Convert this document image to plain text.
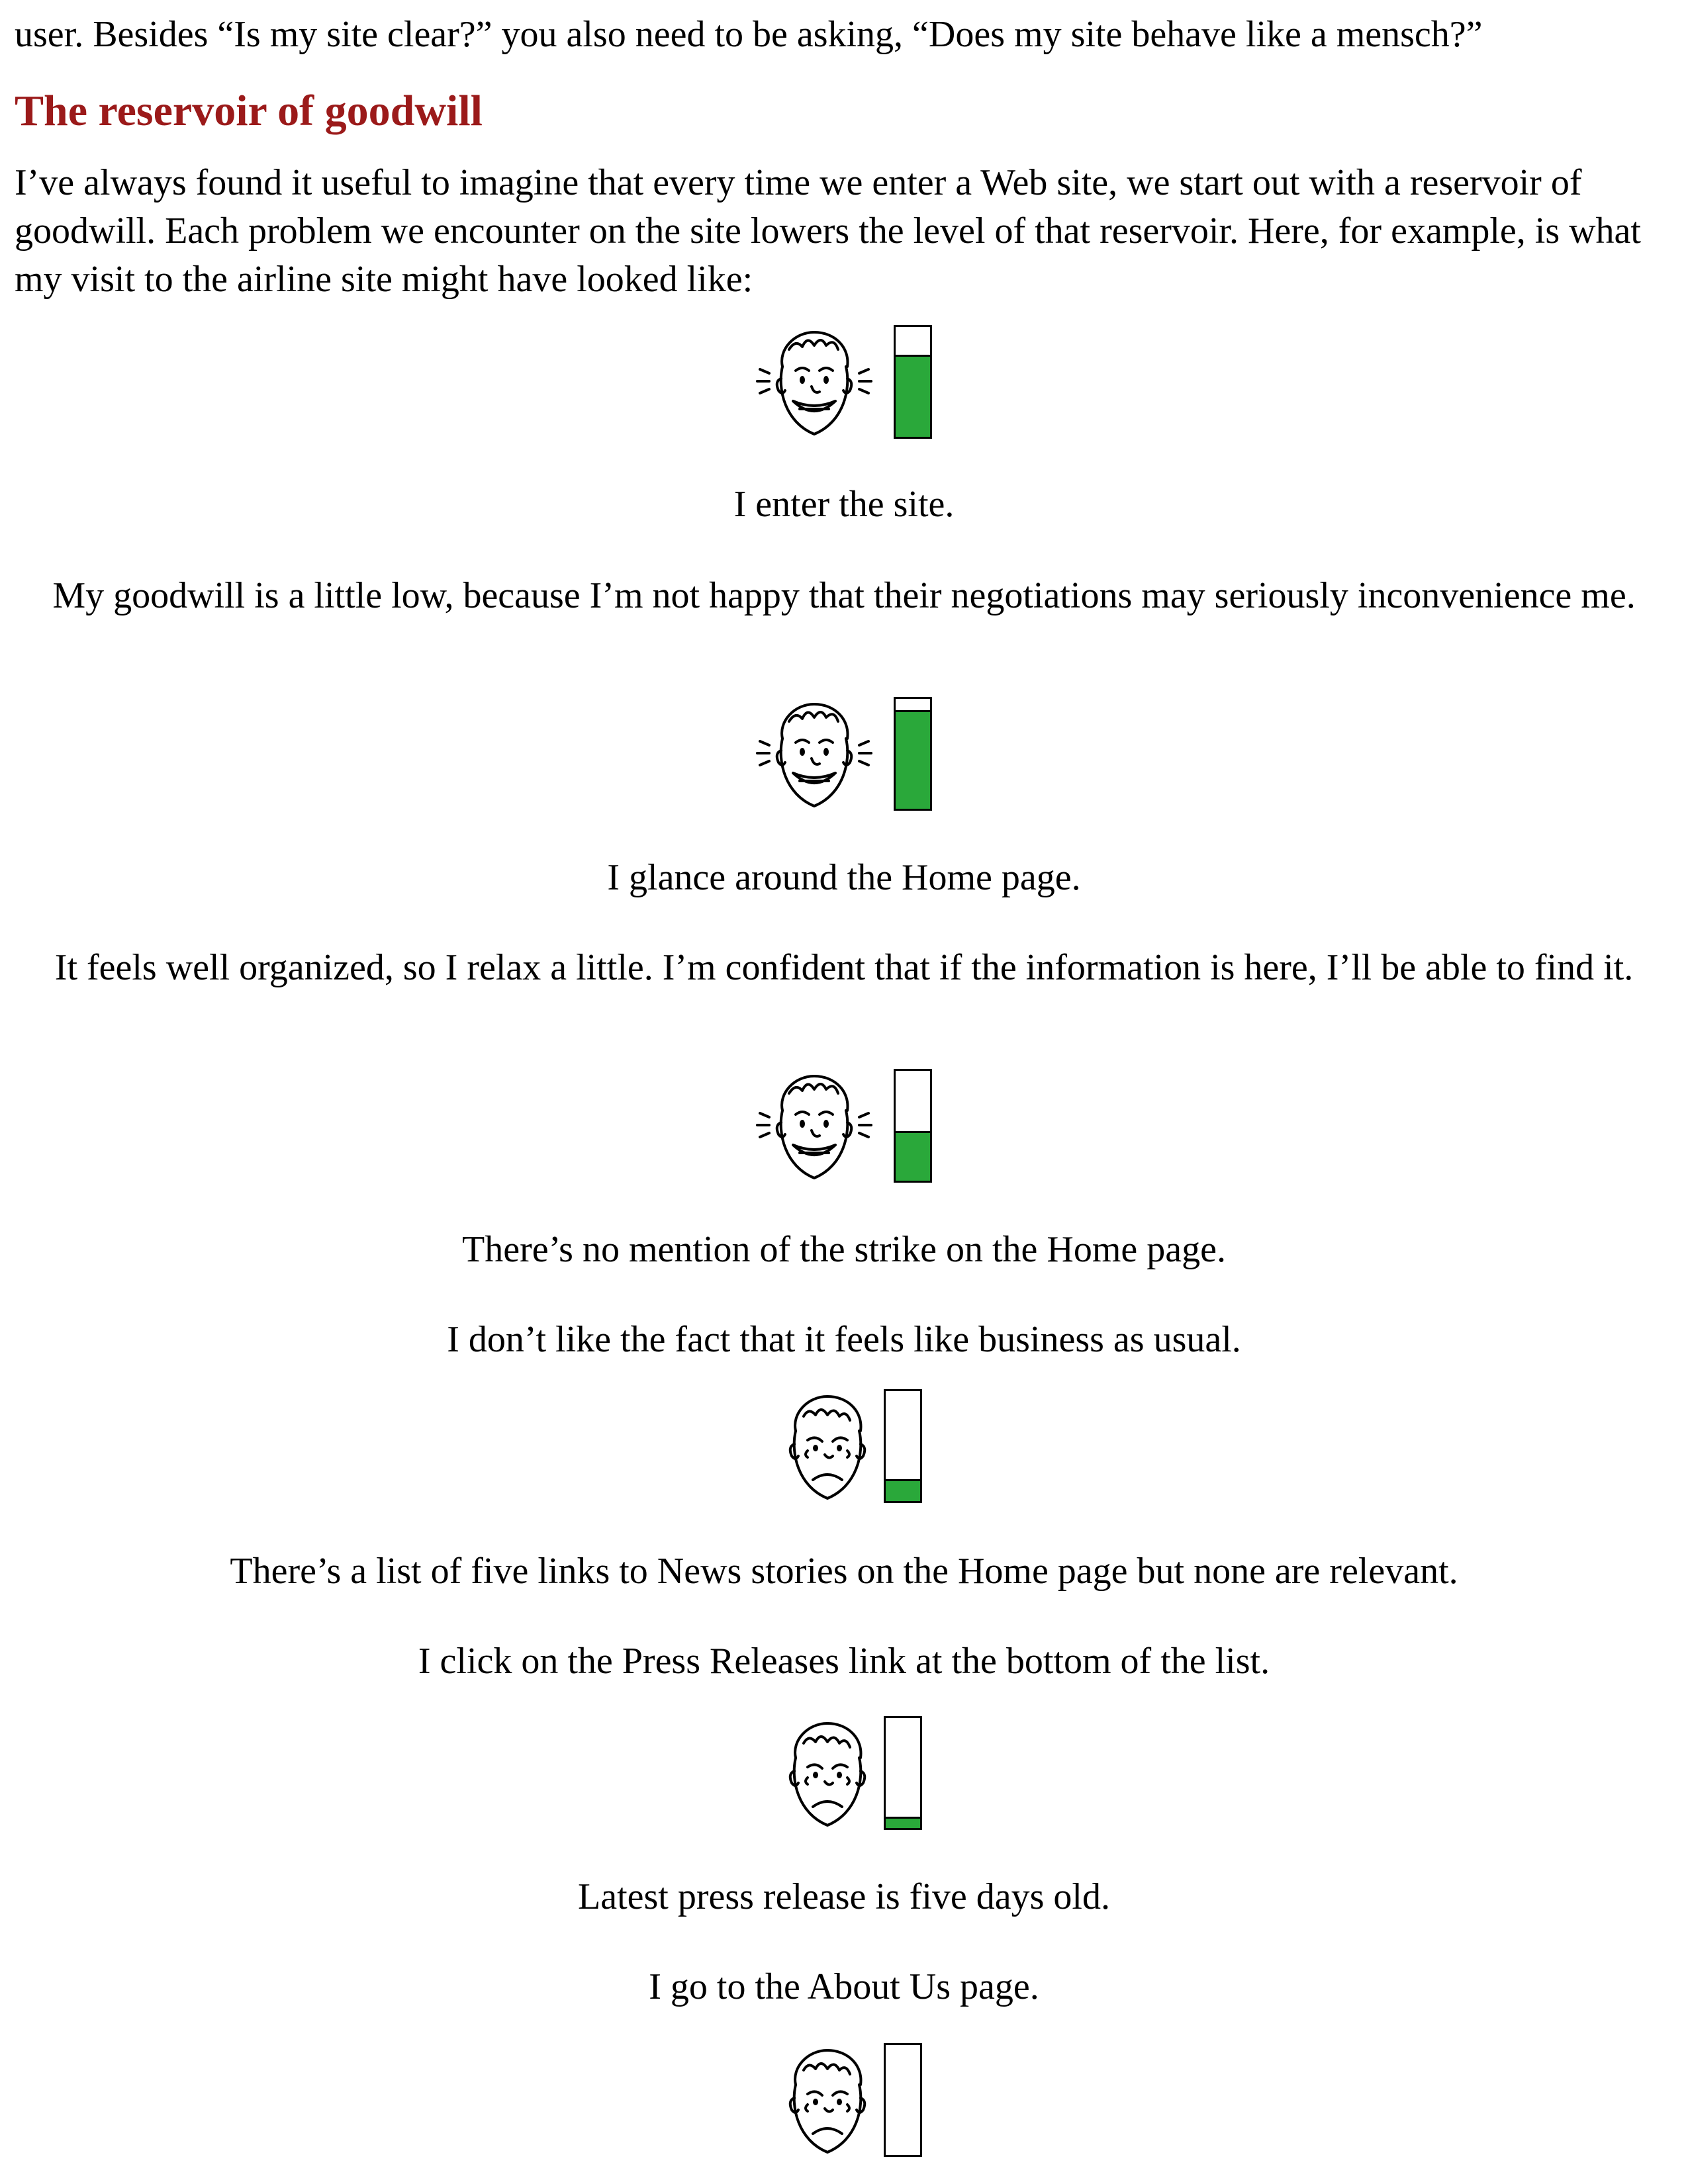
user. Besides “Is my site clear?” you also need to be asking, “Does my site behave like a mensch?”

The reservoir of goodwill

I’ve always found it useful to imagine that every time we enter a Web site, we start out with a reservoir of goodwill. Each problem we encounter on the site lowers the level of that reservoir. Here, for example, is what my visit to the airline site might have looked like:

I enter the site.

My goodwill is a little low, because I’m not happy that their negotiations may seriously inconvenience me.

I glance around the Home page.

It feels well organized, so I relax a little. I’m confident that if the information is here, I’ll be able to find it.

There’s no mention of the strike on the Home page.

I don’t like the fact that it feels like business as usual.

There’s a list of five links to News stories on the Home page but none are relevant.

I click on the Press Releases link at the bottom of the list.

Latest press release is five days old.

I go to the About Us page.
